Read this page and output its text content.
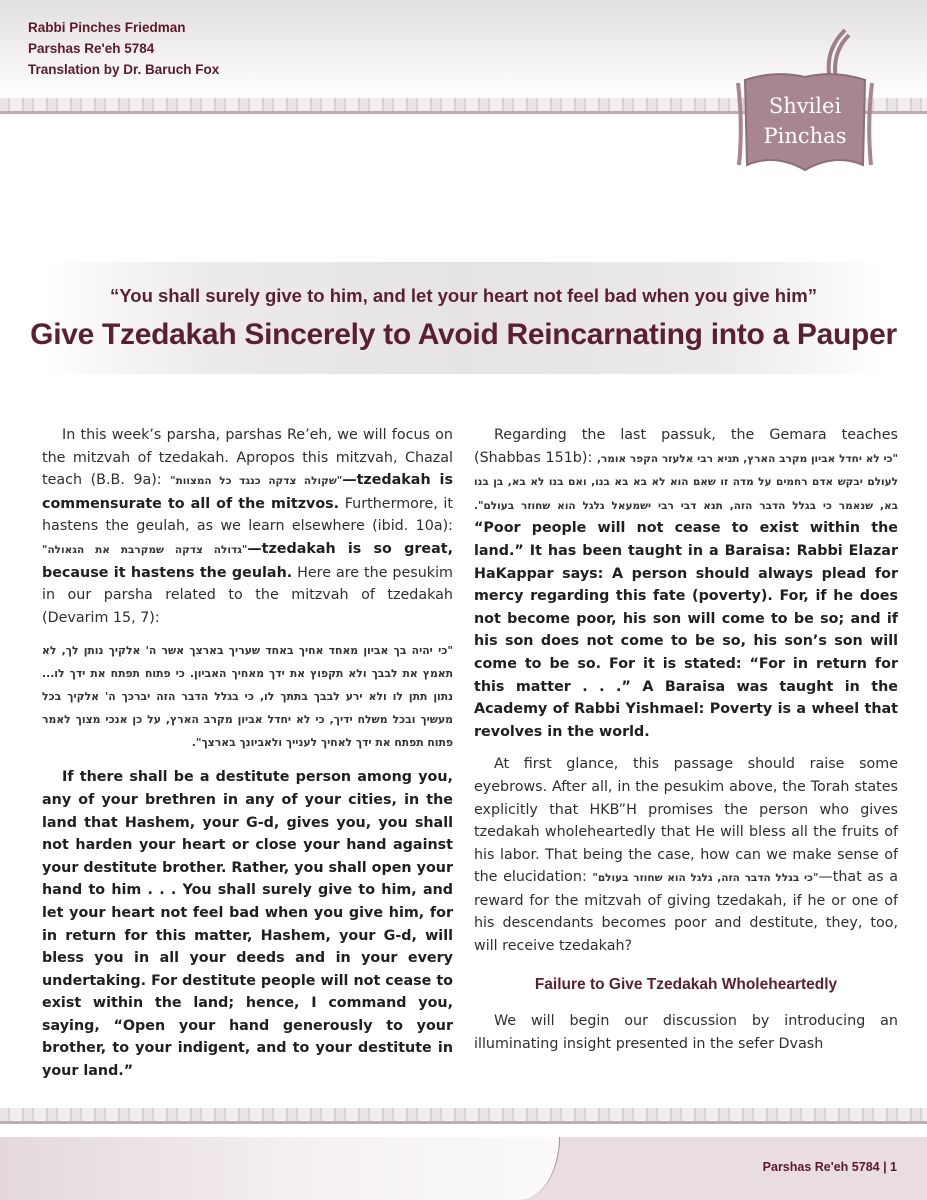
Rabbi Pinches Friedman
Parshas Re'eh 5784
Translation by Dr. Baruch Fox
Shvilei
Pinchas
“You shall surely give to him, and let your heart not feel bad when you give him”
Give Tzedakah Sincerely to Avoid Reincarnating into a Pauper

In this week’s parsha, parshas Re’eh, we will focus on the mitzvah of tzedakah. Apropos this mitzvah, Chazal teach (B.B. 9a): "שקולה צדקה כנגד כל המצוות"—tzedakah is commensurate to all of the mitzvos. Furthermore, it hastens the geulah, as we learn elsewhere (ibid. 10a): "גדולה צדקה שמקרבת את הגאולה"—tzedakah is so great, because it hastens the geulah. Here are the pesukim in our parsha related to the mitzvah of tzedakah (Devarim 15, 7):

"כי יהיה בך אביון מאחד אחיך באחד שעריך בארצך אשר ה' אלקיך נותן לך, לא תאמץ את לבבך ולא תקפוץ את ידך מאחיך האביון. כי פתוח תפתח את ידך לו... נתון תתן לו ולא ירע לבבך בתתך לו, כי בגלל הדבר הזה יברכך ה' אלקיך בכל מעשיך ובכל משלח ידיך, כי לא יחדל אביון מקרב הארץ, על כן אנכי מצוך לאמר פתוח תפתח את ידך לאחיך לענייך ולאביונך בארצך".

If there shall be a destitute person among you, any of your brethren in any of your cities, in the land that Hashem, your G-d, gives you, you shall not harden your heart or close your hand against your destitute brother. Rather, you shall open your hand to him . . . You shall surely give to him, and let your heart not feel bad when you give him, for in return for this matter, Hashem, your G-d, will bless you in all your deeds and in your every undertaking. For destitute people will not cease to exist within the land; hence, I command you, saying, “Open your hand generously to your brother, to your indigent, and to your destitute in your land.”

Regarding the last passuk, the Gemara teaches (Shabbas 151b): "כי לא יחדל אביון מקרב הארץ, תניא רבי אלעזר הקפר אומר, לעולם יבקש אדם רחמים על מדה זו שאם הוא לא בא בא בנו, ואם בנו לא בא, בן בנו בא, שנאמר כי בגלל הדבר הזה, תנא דבי רבי ישמעאל גלגל הוא שחוזר בעולם". “Poor people will not cease to exist within the land.” It has been taught in a Baraisa: Rabbi Elazar HaKappar says: A person should always plead for mercy regarding this fate (poverty). For, if he does not become poor, his son will come to be so; and if his son does not come to be so, his son’s son will come to be so. For it is stated: “For in return for this matter . . .” A Baraisa was taught in the Academy of Rabbi Yishmael: Poverty is a wheel that revolves in the world.

At first glance, this passage should raise some eyebrows. After all, in the pesukim above, the Torah states explicitly that HKB”H promises the person who gives tzedakah wholeheartedly that He will bless all the fruits of his labor. That being the case, how can we make sense of the elucidation: "כי בגלל הדבר הזה, גלגל הוא שחוזר בעולם"—that as a reward for the mitzvah of giving tzedakah, if he or one of his descendants becomes poor and destitute, they, too, will receive tzedakah?

Failure to Give Tzedakah Wholeheartedly

We will begin our discussion by introducing an illuminating insight presented in the sefer Dvash

Parshas Re'eh 5784 | 1
